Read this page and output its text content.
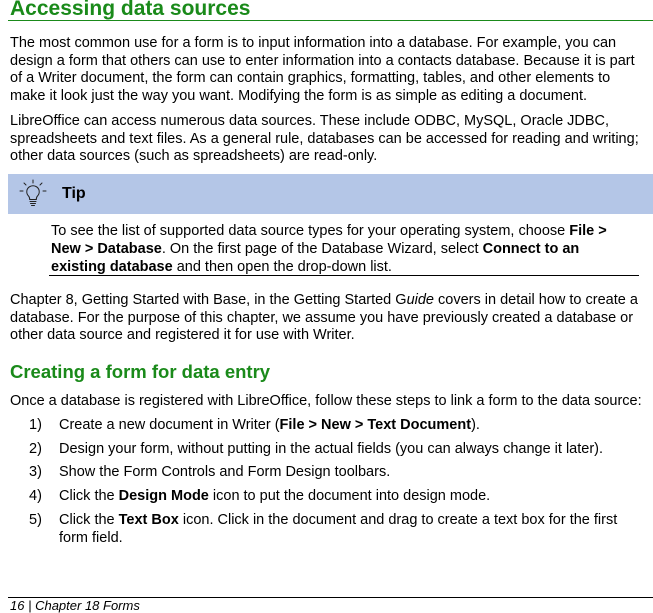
Accessing data sources
The most common use for a form is to input information into a database. For example, you can
design a form that others can use to enter information into a contacts database. Because it is part
of a Writer document, the form can contain graphics, formatting, tables, and other elements to
make it look just the way you want. Modifying the form is as simple as editing a document.
LibreOffice can access numerous data sources. These include ODBC, MySQL, Oracle JDBC,
spreadsheets and text files. As a general rule, databases can be accessed for reading and writing;
other data sources (such as spreadsheets) are read-only.
Tip
To see the list of supported data source types for your operating system, choose File >
New > Database. On the first page of the Database Wizard, select Connect to an
existing database and then open the drop-down list.
Chapter 8, Getting Started with Base, in the Getting Started Guide covers in detail how to create a
database. For the purpose of this chapter, we assume you have previously created a database or
other data source and registered it for use with Writer.
Creating a form for data entry
Once a database is registered with LibreOffice, follow these steps to link a form to the data source:
1) Create a new document in Writer (File > New > Text Document).
2) Design your form, without putting in the actual fields (you can always change it later).
3) Show the Form Controls and Form Design toolbars.
4) Click the Design Mode icon to put the document into design mode.
5) Click the Text Box icon. Click in the document and drag to create a text box for the first
form field.
16 | Chapter 18 Forms
